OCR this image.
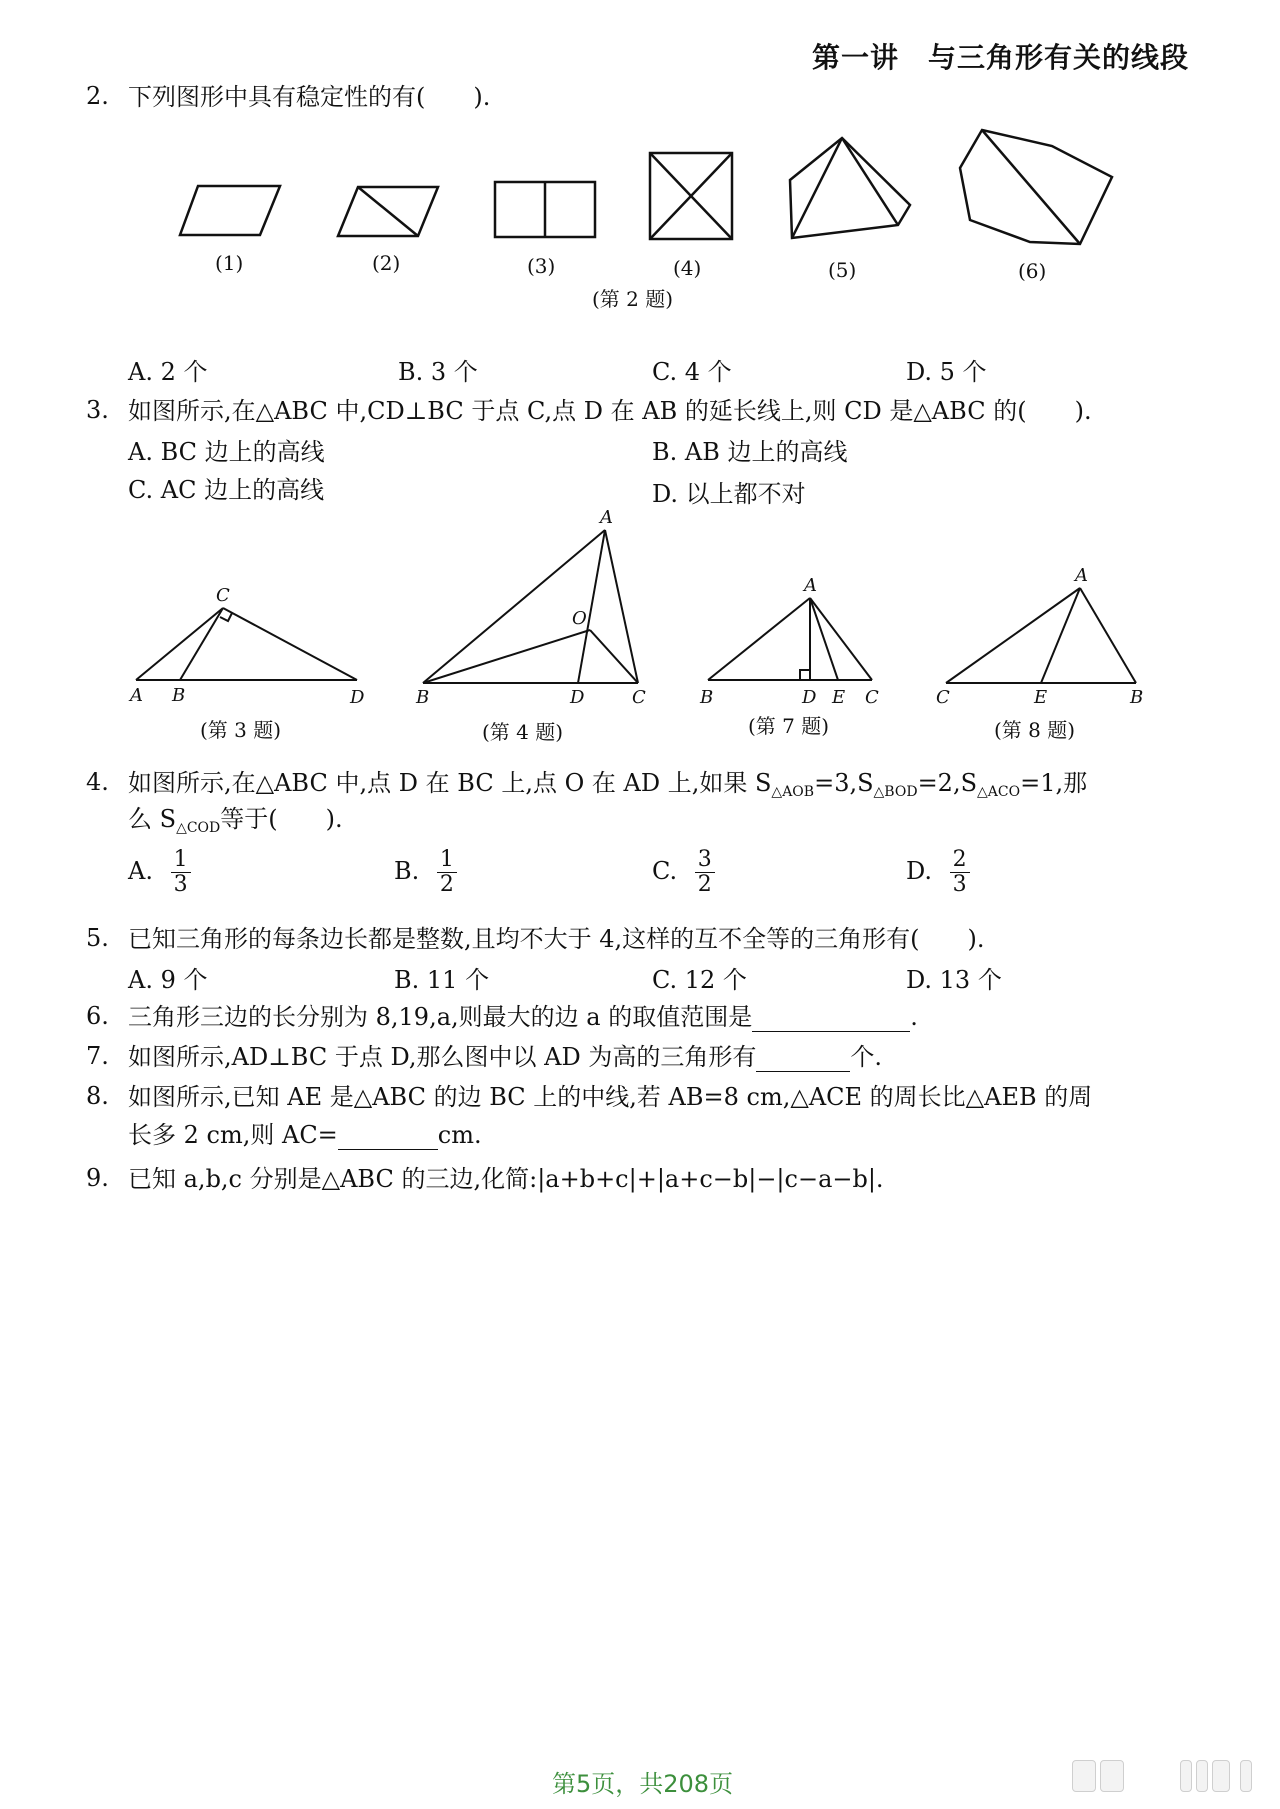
第一讲　与三角形有关的线段
2. 下列图形中具有稳定性的有(　　).
(1)	(2)	(3)	(4)	(5)	(6)
(第 2 题)
A. 2 个	B. 3 个	C. 4 个	D. 5 个
3. 如图所示,在△ABC 中,CD⊥BC 于点 C,点 D 在 AB 的延长线上,则 CD 是△ABC 的(　　).
A. BC 边上的高线	B. AB 边上的高线
C. AC 边上的高线	D. 以上都不对
C
A B	D
A
O
B	D	C
A
B	D E C
A
C	E	B
(第 3 题)	(第 4 题)	(第 7 题)	(第 8 题)
4. 如图所示,在△ABC 中,点 D 在 BC 上,点 O 在 AD 上,如果 $S_{\triangle AOB}=3,S_{\triangle BOD}=2,S_{\triangle ACO}=1$,那
么 $S_{\triangle COD}$等于(　　).
A. $\frac{1}{3}$	B. $\frac{1}{2}$	C. $\frac{3}{2}$	D. $\frac{2}{3}$
5. 已知三角形的每条边长都是整数,且均不大于 4,这样的互不全等的三角形有(　　).
A. 9 个	B. 11 个	C. 12 个	D. 13 个
6. 三角形三边的长分别为 8,19,a,则最大的边 a 的取值范围是	.
7. 如图所示,AD⊥BC 于点 D,那么图中以 AD 为高的三角形有	个.
8. 如图所示,已知 AE 是△ABC 的边 BC 上的中线,若 AB=8 cm,△ACE 的周长比△AEB 的周
长多 2 cm,则 AC=	cm.
9. 已知 a,b,c 分别是△ABC 的三边,化简:|a+b+c|+|a+c−b|−|c−a−b|.
第5页，共208页
